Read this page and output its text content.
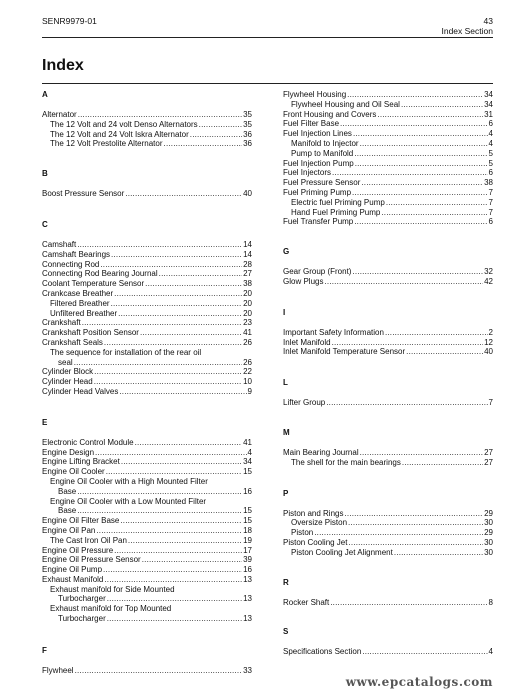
SENR9979-01	43
Index Section
Index
A
Alternator .....	35
The 12 Volt and 24 volt Denso Alternators .....	35
The 12 Volt and 24 Volt Iskra Alternator .....	36
The 12 Volt Prestolite Alternator .....	36
B
Boost Pressure Sensor .....	40
C
Camshaft .....	14
Camshaft Bearings .....	14
Connecting Rod .....	28
Connecting Rod Bearing Journal .....	27
Coolant Temperature Sensor .....	38
Crankcase Breather .....	20
Filtered Breather .....	20
Unfiltered Breather .....	20
Crankshaft .....	23
Crankshaft Position Sensor .....	41
Crankshaft Seals .....	26
The sequence for installation of the rear oil
seal .....	26
Cylinder Block .....	22
Cylinder Head .....	10
Cylinder Head Valves .....	9
E
Electronic Control Module .....	41
Engine Design .....	4
Engine Lifting Bracket .....	34
Engine Oil Cooler .....	15
Engine Oil Cooler with a High Mounted Filter
Base .....	16
Engine Oil Cooler with a Low Mounted Filter
Base .....	15
Engine Oil Filter Base .....	15
Engine Oil Pan .....	18
The Cast Iron Oil Pan .....	19
Engine Oil Pressure .....	17
Engine Oil Pressure Sensor .....	39
Engine Oil Pump .....	16
Exhaust Manifold .....	13
Exhaust manifold for Side Mounted
Turbocharger .....	13
Exhaust manifold for Top Mounted
Turbocharger .....	13
F
Flywheel .....	33
Flywheel Housing .....	34
Flywheel Housing and Oil Seal .....	34
Front Housing and Covers .....	31
Fuel Filter Base .....	6
Fuel Injection Lines .....	4
Manifold to Injector .....	4
Pump to Manifold .....	5
Fuel Injection Pump .....	5
Fuel Injectors .....	6
Fuel Pressure Sensor .....	38
Fuel Priming Pump .....	7
Electric fuel Priming Pump .....	7
Hand Fuel Priming Pump .....	7
Fuel Transfer Pump .....	6
G
Gear Group (Front) .....	32
Glow Plugs .....	42
I
Important Safety Information .....	2
Inlet Manifold .....	12
Inlet Manifold Temperature Sensor .....	40
L
Lifter Group .....	7
M
Main Bearing Journal .....	27
The shell for the main bearings .....	27
P
Piston and Rings .....	29
Oversize Piston .....	30
Piston .....	29
Piston Cooling Jet .....	30
Piston Cooling Jet Alignment .....	30
R
Rocker Shaft .....	8
S
Specifications Section .....	4
www.epcatalogs.com
